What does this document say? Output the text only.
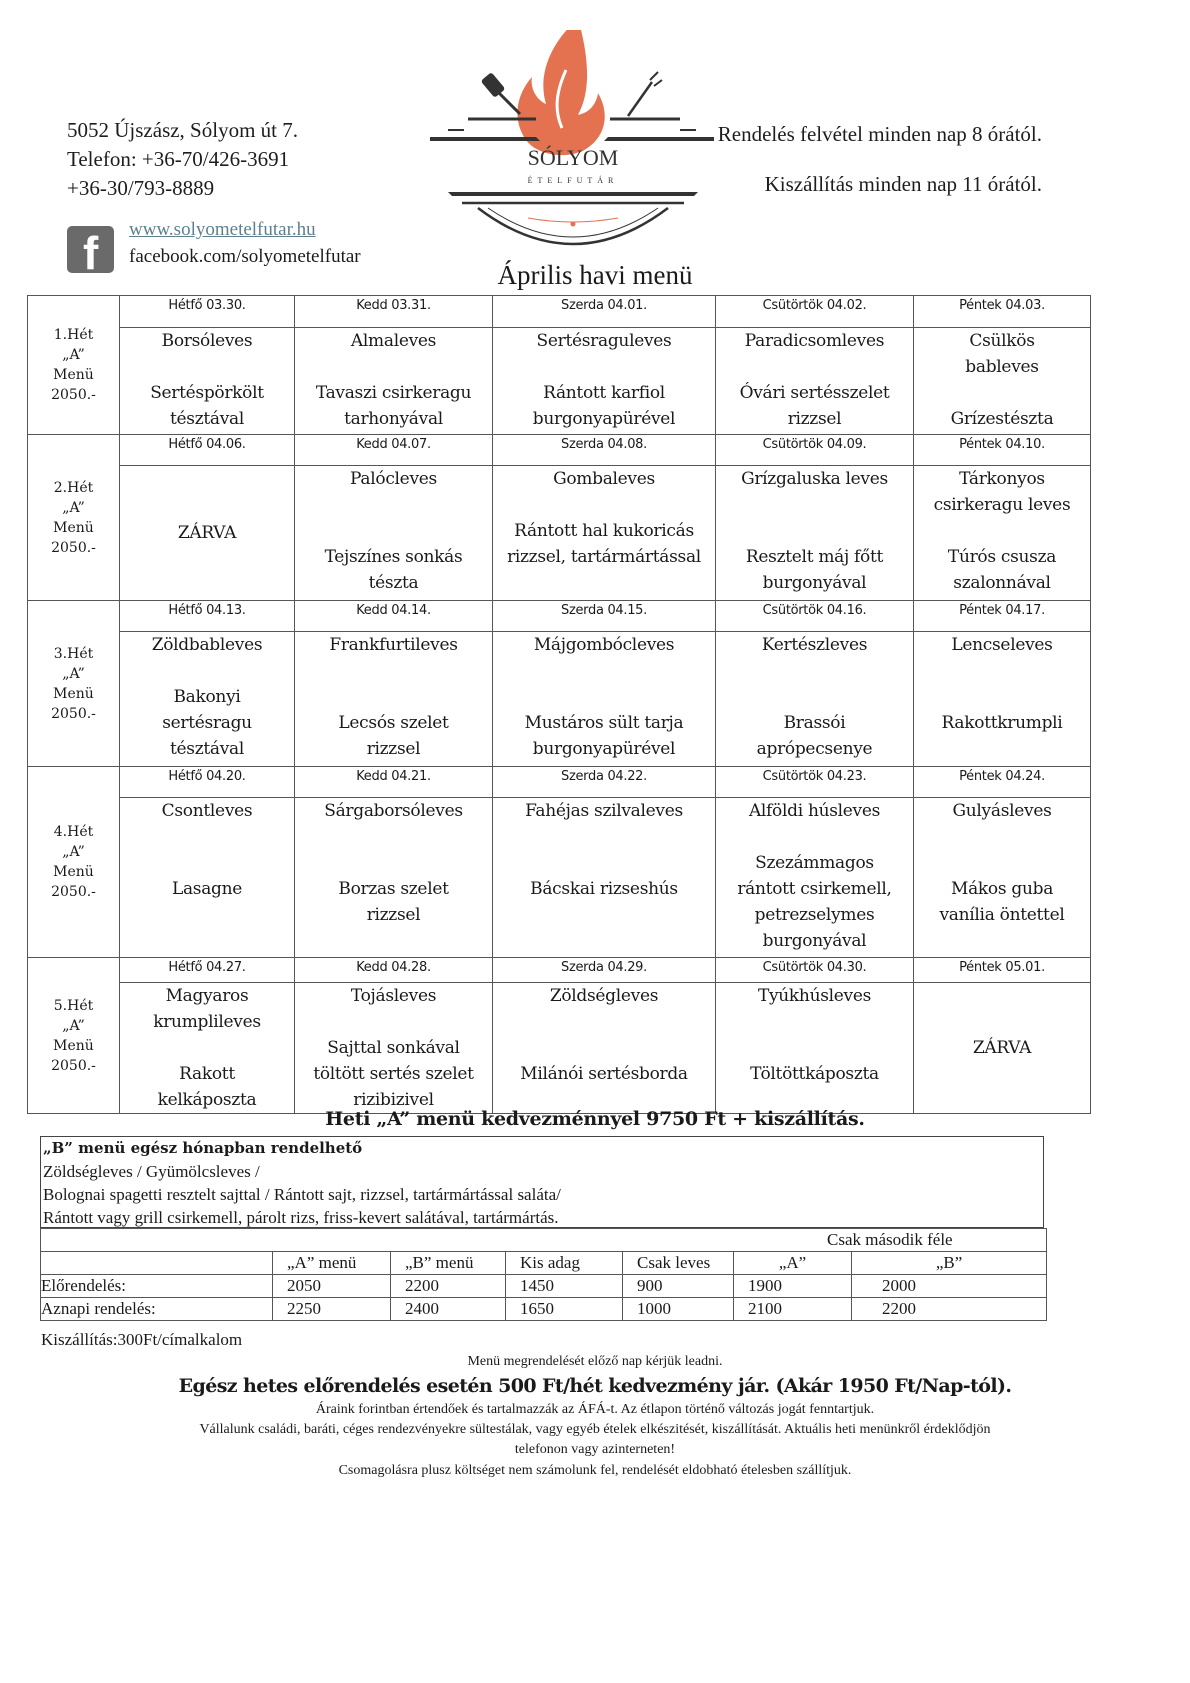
5052 Újszász, Sólyom út 7.
Telefon: +36-70/426-3691
+36-30/793-8889
f www.solyometelfutar.hu
facebook.com/solyometelfutar
SÓLYOM
ÉTELFUTÁR
Rendelés felvétel minden nap 8 órától.
Kiszállítás minden nap 11 órától.
Április havi menü
1.Hét
„A”
Menü
2050.-	Hétfő 03.30.	Kedd 03.31.	Szerda 04.01.	Csütörtök 04.02.	Péntek 04.03.
	Borsóleves

Sertéspörkölt
tésztával	Almaleves

Tavaszi csirkeragu
tarhonyával	Sertésraguleves

Rántott karfiol
burgonyapürével	Paradicsomleves

Óvári sertésszelet
rizzsel	Csülkös
bableves

Grízestészta

2.Hét
„A”
Menü
2050.-	Hétfő 04.06.	Kedd 04.07.	Szerda 04.08.	Csütörtök 04.09.	Péntek 04.10.
	ZÁRVA	Palócleves

Tejszínes sonkás
tészta	Gombaleves

Rántott hal kukoricás
rizzsel, tartármártással	Grízgaluska leves

Resztelt máj főtt
burgonyával	Tárkonyos
csirkeragu leves

Túrós csusza
szalonnával

3.Hét
„A”
Menü
2050.-	Hétfő 04.13.	Kedd 04.14.	Szerda 04.15.	Csütörtök 04.16.	Péntek 04.17.
	Zöldbableves

Bakonyi
sertésragu
tésztával	Frankfurtileves

Lecsós szelet
rizzsel	Májgombócleves

Mustáros sült tarja
burgonyapürével	Kertészleves

Brassói
aprópecsenye	Lencseleves

Rakottkrumpli

4.Hét
„A”
Menü
2050.-	Hétfő 04.20.	Kedd 04.21.	Szerda 04.22.	Csütörtök 04.23.	Péntek 04.24.
	Csontleves

Lasagne	Sárgaborsóleves

Borzas szelet
rizzsel	Fahéjas szilvaleves

Bácskai rizseshús	Alföldi húsleves

Szezámmagos
rántott csirkemell,
petrezselymes
burgonyával	Gulyásleves

Mákos guba
vanília öntettel

5.Hét
„A”
Menü
2050.-	Hétfő 04.27.	Kedd 04.28.	Szerda 04.29.	Csütörtök 04.30.	Péntek 05.01.
	Magyaros
krumplileves

Rakott
kelkáposzta	Tojásleves

Sajttal sonkával
töltött sertés szelet
rizibizivel	Zöldségleves

Milánói sertésborda	Tyúkhúsleves

Töltöttkáposzta	ZÁRVA
Heti „A” menü kedvezménnyel 9750 Ft + kiszállítás.
„B” menü egész hónapban rendelhető
Zöldségleves / Gyümölcsleves /
Bolognai spagetti resztelt sajttal / Rántott sajt, rizzsel, tartármártással saláta/
Rántott vagy grill csirkemell, párolt rizs, friss-kevert salátával, tartármártás.
					Csak második féle	
	„A” menü	„B” menü	Kis adag	Csak leves	„A”	„B”
Előrendelés:	2050	2200	1450	900	1900	2000
Aznapi rendelés:	2250	2400	1650	1000	2100	2200
Kiszállítás:300Ft/címalkalom
Menü megrendelését előző nap kérjük leadni.
Egész hetes előrendelés esetén 500 Ft/hét kedvezmény jár. (Akár 1950 Ft/Nap-tól).
Áraink forintban értendőek és tartalmazzák az ÁFÁ-t. Az étlapon történő változás jogát fenntartjuk.
Vállalunk családi, baráti, céges rendezvényekre sültestálak, vagy egyéb ételek elkészitését, kiszállítását. Aktuális heti menünkről érdeklődjön
telefonon vagy azinterneten!
Csomagolásra plusz költséget nem számolunk fel, rendelését eldobható ételesben szállítjuk.
